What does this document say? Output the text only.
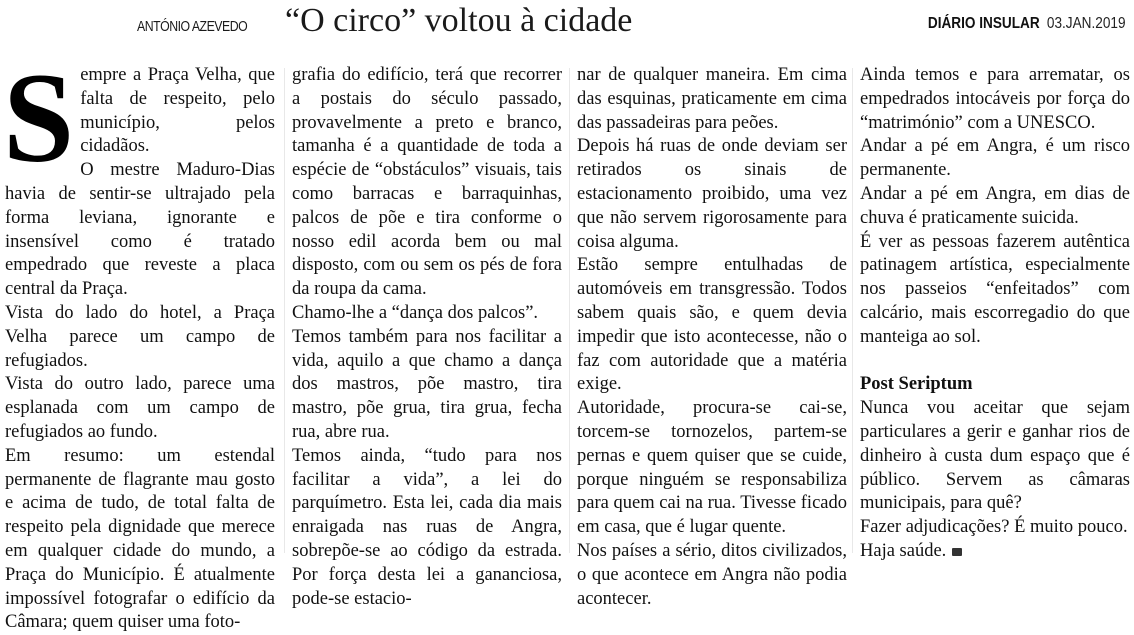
ANTÓNIO AZEVEDO “O circo” voltou à cidade	DIÁRIO INSULAR 03.JAN.2019

Sempre a Praça Velha, que falta de respeito, pelo município, pelos cidadãos.

O mestre Maduro-Dias havia de sentir-se ultrajado pela forma leviana, ignorante e insensível como é tratado empedrado que reveste a placa central da Praça.

Vista do lado do hotel, a Praça Velha parece um campo de refugiados.

Vista do outro lado, parece uma esplanada com um campo de refugiados ao fundo.

Em resumo: um estendal permanente de flagrante mau gosto e acima de tudo, de total falta de respeito pela dignidade que merece em qualquer cidade do mundo, a Praça do Município. É atualmente impossível fotografar o edifício da Câmara; quem quiser uma foto-

grafia do edifício, terá que recorrer a postais do século passado, provavelmente a preto e branco, tamanha é a quantidade de toda a espécie de “obstáculos” visuais, tais como barracas e barraquinhas, palcos de põe e tira conforme o nosso edil acorda bem ou mal disposto, com ou sem os pés de fora da roupa da cama.

Chamo-lhe a “dança dos palcos”.

Temos também para nos facilitar a vida, aquilo a que chamo a dança dos mastros, põe mastro, tira mastro, põe grua, tira grua, fecha rua, abre rua.

Temos ainda, “tudo para nos facilitar a vida”, a lei do parquímetro. Esta lei, cada dia mais enraigada nas ruas de Angra, sobrepõe-se ao código da estrada. Por força desta lei a gananciosa, pode-se estacio-

nar de qualquer maneira. Em cima das esquinas, praticamente em cima das passadeiras para peões.

Depois há ruas de onde deviam ser retirados os sinais de estacionamento proibido, uma vez que não servem rigorosamente para coisa alguma.

Estão sempre entulhadas de automóveis em transgressão. Todos sabem quais são, e quem devia impedir que isto acontecesse, não o faz com autoridade que a matéria exige.

Autoridade, procura-se cai-se, torcem-se tornozelos, partem-se pernas e quem quiser que se cuide, porque ninguém se responsabiliza para quem cai na rua. Tivesse ficado em casa, que é lugar quente.

Nos países a sério, ditos civilizados, o que acontece em Angra não podia acontecer.

Ainda temos e para arrematar, os empedrados intocáveis por força do “matrimónio” com a UNESCO.

Andar a pé em Angra, é um risco permanente.

Andar a pé em Angra, em dias de chuva é praticamente suicida.

É ver as pessoas fazerem autêntica patinagem artística, especialmente nos passeios “enfeitados” com calcário, mais escorregadio do que manteiga ao sol.

Post Seriptum

Nunca vou aceitar que sejam particulares a gerir e ganhar rios de dinheiro à custa dum espaço que é público. Servem as câmaras municipais, para quê?

Fazer adjudicações? É muito pouco.

Haja saúde.
